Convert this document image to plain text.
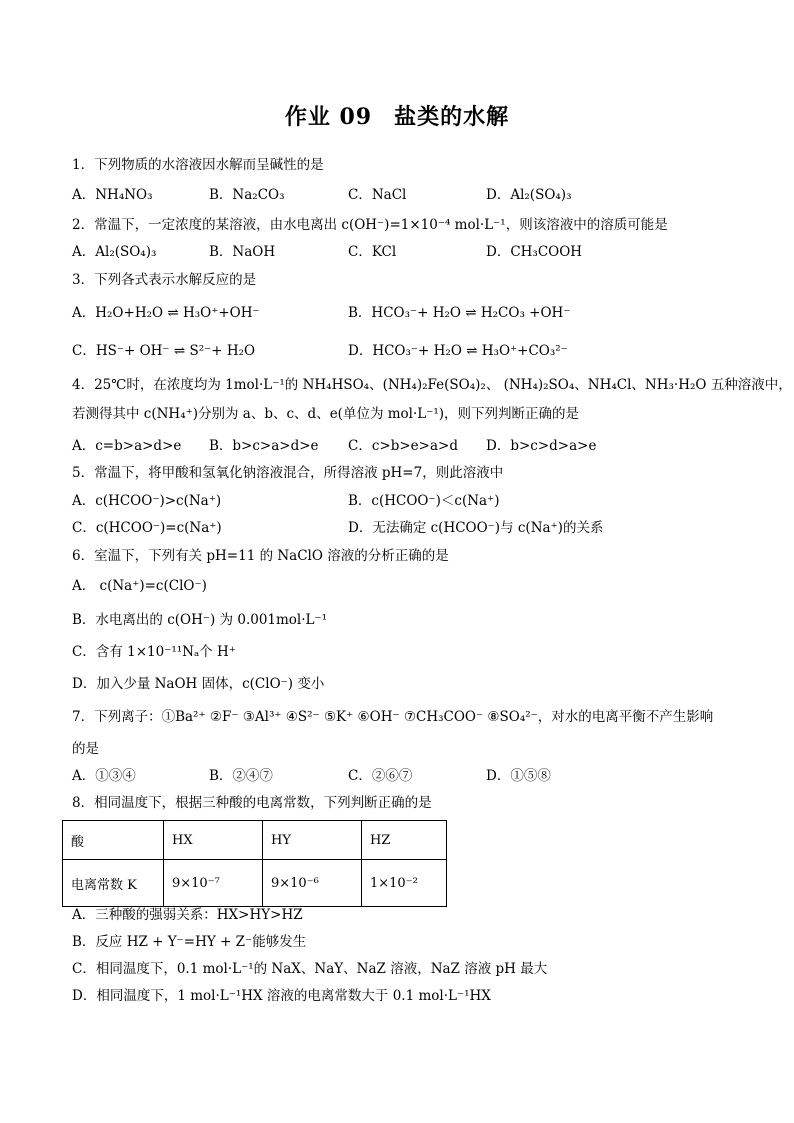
作业 09 盐类的水解
1．下列物质的水溶液因水解而呈碱性的是
A．NH₄NO₃	B．Na₂CO₃	C．NaCl	D．Al₂(SO₄)₃
2．常温下，一定浓度的某溶液，由水电离出 c(OH⁻)=1×10⁻⁴ mol·L⁻¹，则该溶液中的溶质可能是
A．Al₂(SO₄)₃	B．NaOH	C．KCl	D．CH₃COOH
3．下列各式表示水解反应的是
A．H₂O+H₂O ⇌ H₃O⁺+OH⁻	B．HCO₃⁻+ H₂O ⇌ H₂CO₃ +OH⁻
C．HS⁻+ OH⁻ ⇌ S²⁻+ H₂O	D．HCO₃⁻+ H₂O ⇌ H₃O⁺+CO₃²⁻
4．25℃时，在浓度均为 1mol·L⁻¹的 NH₄HSO₄、(NH₄)₂Fe(SO₄)₂、 (NH₄)₂SO₄、NH₄Cl、NH₃·H₂O 五种溶液中，
若测得其中 c(NH₄⁺)分别为 a、b、c、d、e(单位为 mol·L⁻¹)，则下列判断正确的是
A．c=b>a>d>e B．b>c>a>d>e C．c>b>e>a>d D．b>c>d>a>e
5．常温下，将甲酸和氢氧化钠溶液混合，所得溶液 pH=7，则此溶液中
A．c(HCOO⁻)>c(Na⁺)	B．c(HCOO⁻)＜c(Na⁺)
C．c(HCOO⁻)=c(Na⁺)	D．无法确定 c(HCOO⁻)与 c(Na⁺)的关系
6．室温下，下列有关 pH=11 的 NaClO 溶液的分析正确的是
A． c(Na⁺)=c(ClO⁻)
B．水电离出的 c(OH⁻) 为 0.001mol·L⁻¹
C．含有 1×10⁻¹¹Nₐ个 H⁺
D．加入少量 NaOH 固体，c(ClO⁻) 变小
7．下列离子：①Ba²⁺ ②F⁻ ③Al³⁺ ④S²⁻ ⑤K⁺ ⑥OH⁻ ⑦CH₃COO⁻ ⑧SO₄²⁻，对水的电离平衡不产生影响
的是
A．①③④	B．②④⑦	C．②⑥⑦	D．①⑤⑧
8．相同温度下，根据三种酸的电离常数，下列判断正确的是
酸	HX	HY	HZ
电离常数 K	9×10⁻⁷	9×10⁻⁶	1×10⁻²
A．三种酸的强弱关系：HX>HY>HZ
B．反应 HZ + Y⁻=HY + Z⁻能够发生
C．相同温度下，0.1 mol·L⁻¹的 NaX、NaY、NaZ 溶液，NaZ 溶液 pH 最大
D．相同温度下，1 mol·L⁻¹HX 溶液的电离常数大于 0.1 mol·L⁻¹HX
